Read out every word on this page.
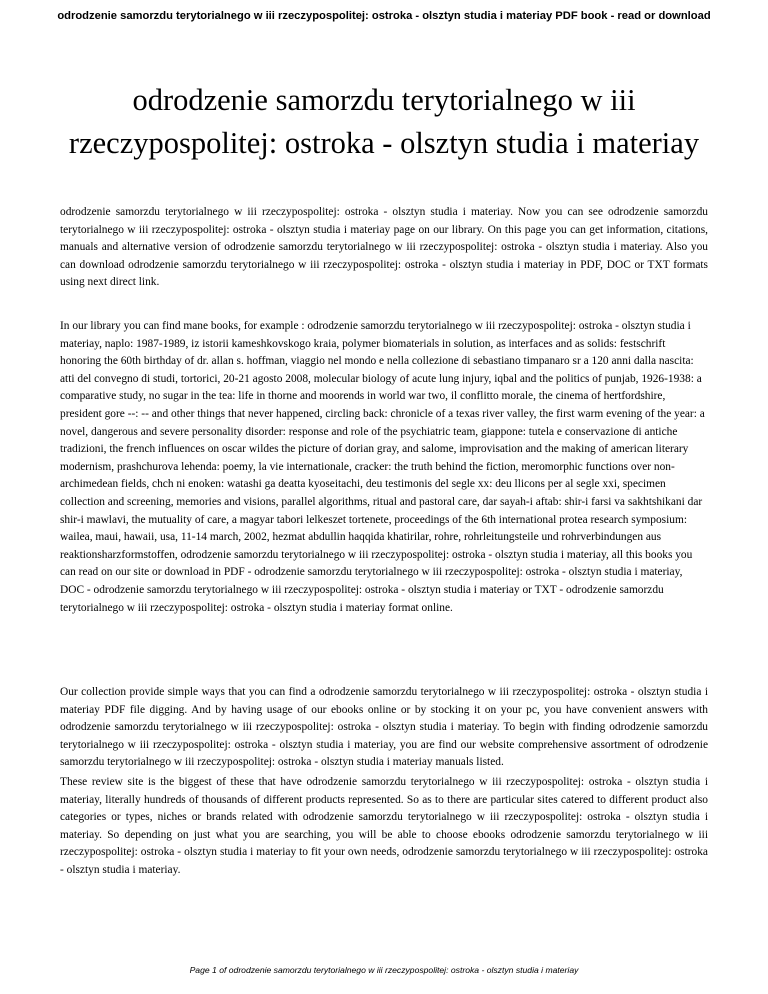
odrodzenie samorzdu terytorialnego w iii rzeczypospolitej: ostroka - olsztyn studia i materiay PDF book - read or download
odrodzenie samorzdu terytorialnego w iii rzeczypospolitej: ostroka - olsztyn studia i materiay

odrodzenie samorzdu terytorialnego w iii rzeczypospolitej: ostroka - olsztyn studia i materiay. Now you can see odrodzenie samorzdu terytorialnego w iii rzeczypospolitej: ostroka - olsztyn studia i materiay page on our library. On this page you can get information, citations, manuals and alternative version of odrodzenie samorzdu terytorialnego w iii rzeczypospolitej: ostroka - olsztyn studia i materiay. Also you can download odrodzenie samorzdu terytorialnego w iii rzeczypospolitej: ostroka - olsztyn studia i materiay in PDF, DOC or TXT formats using next direct link.

In our library you can find mane books, for example : odrodzenie samorzdu terytorialnego w iii rzeczypospolitej: ostroka - olsztyn studia i materiay, naplo: 1987-1989, iz istorii kameshkovskogo kraia, polymer biomaterials in solution, as interfaces and as solids: festschrift honoring the 60th birthday of dr. allan s. hoffman, viaggio nel mondo e nella collezione di sebastiano timpanaro sr a 120 anni dalla nascita: atti del convegno di studi, tortorici, 20-21 agosto 2008, molecular biology of acute lung injury, iqbal and the politics of punjab, 1926-1938: a comparative study, no sugar in the tea: life in thorne and moorends in world war two, il conflitto morale, the cinema of hertfordshire, president gore --: -- and other things that never happened, circling back: chronicle of a texas river valley, the first warm evening of the year: a novel, dangerous and severe personality disorder: response and role of the psychiatric team, giappone: tutela e conservazione di antiche tradizioni, the french influences on oscar wildes the picture of dorian gray, and salome, improvisation and the making of american literary modernism, prashchurova lehenda: poemy, la vie internationale, cracker: the truth behind the fiction, meromorphic functions over non-archimedean fields, chch ni enoken: watashi ga deatta kyoseitachi, deu testimonis del segle xx: deu llicons per al segle xxi, specimen collection and screening, memories and visions, parallel algorithms, ritual and pastoral care, dar sayah-i aftab: shir-i farsi va sakhtshikani dar shir-i mawlavi, the mutuality of care, a magyar tabori lelkeszet tortenete, proceedings of the 6th international protea research symposium: wailea, maui, hawaii, usa, 11-14 march, 2002, hezmat abdullin haqqida khatirilar, rohre, rohrleitungsteile und rohrverbindungen aus reaktionsharzformstoffen, odrodzenie samorzdu terytorialnego w iii rzeczypospolitej: ostroka - olsztyn studia i materiay, all this books you can read on our site or download in PDF - odrodzenie samorzdu terytorialnego w iii rzeczypospolitej: ostroka - olsztyn studia i materiay, DOC - odrodzenie samorzdu terytorialnego w iii rzeczypospolitej: ostroka - olsztyn studia i materiay or TXT - odrodzenie samorzdu terytorialnego w iii rzeczypospolitej: ostroka - olsztyn studia i materiay format online.

Our collection provide simple ways that you can find a odrodzenie samorzdu terytorialnego w iii rzeczypospolitej: ostroka - olsztyn studia i materiay PDF file digging. And by having usage of our ebooks online or by stocking it on your pc, you have convenient answers with odrodzenie samorzdu terytorialnego w iii rzeczypospolitej: ostroka - olsztyn studia i materiay. To begin with finding odrodzenie samorzdu terytorialnego w iii rzeczypospolitej: ostroka - olsztyn studia i materiay, you are find our website comprehensive assortment of odrodzenie samorzdu terytorialnego w iii rzeczypospolitej: ostroka - olsztyn studia i materiay manuals listed.

These review site is the biggest of these that have odrodzenie samorzdu terytorialnego w iii rzeczypospolitej: ostroka - olsztyn studia i materiay, literally hundreds of thousands of different products represented. So as to there are particular sites catered to different product also categories or types, niches or brands related with odrodzenie samorzdu terytorialnego w iii rzeczypospolitej: ostroka - olsztyn studia i materiay. So depending on just what you are searching, you will be able to choose ebooks odrodzenie samorzdu terytorialnego w iii rzeczypospolitej: ostroka - olsztyn studia i materiay to fit your own needs, odrodzenie samorzdu terytorialnego w iii rzeczypospolitej: ostroka - olsztyn studia i materiay.

Page 1 of odrodzenie samorzdu terytorialnego w iii rzeczypospolitej: ostroka - olsztyn studia i materiay
